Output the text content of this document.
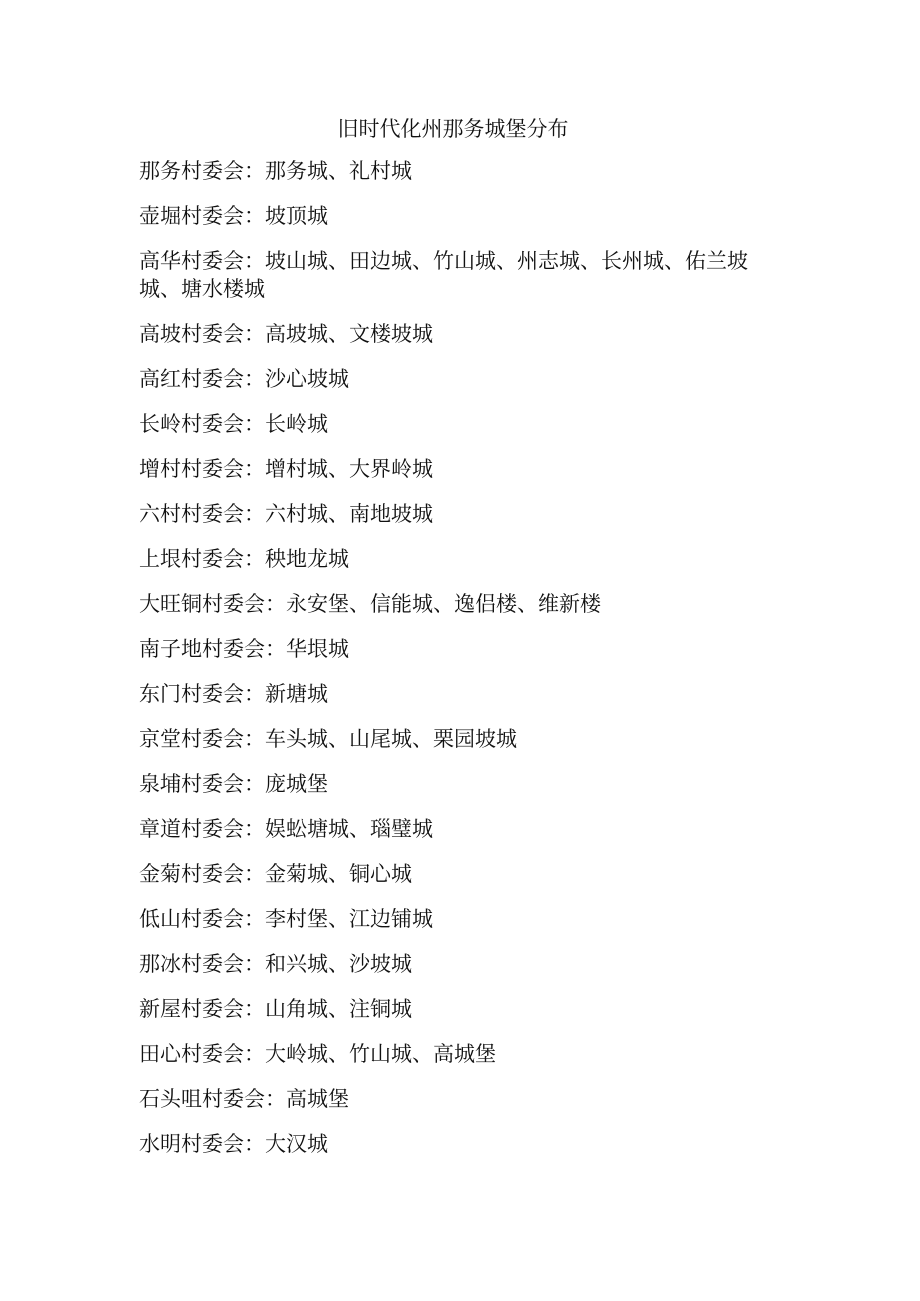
旧时代化州那务城堡分布

那务村委会：那务城、礼村城

壶堀村委会：坡顶城

高华村委会：坡山城、田边城、竹山城、州志城、长州城、佑兰坡城、塘水楼城

高坡村委会：高坡城、文楼坡城

高红村委会：沙心坡城

长岭村委会：长岭城

增村村委会：增村城、大界岭城

六村村委会：六村城、南地坡城

上垠村委会：秧地龙城

大旺铜村委会：永安堡、信能城、逸侣楼、维新楼

南子地村委会：华垠城

东门村委会：新塘城

京堂村委会：车头城、山尾城、栗园坡城

泉埔村委会：庞城堡

章道村委会：娱蚣塘城、瑙璧城

金菊村委会：金菊城、铜心城

低山村委会：李村堡、江边铺城

那冰村委会：和兴城、沙坡城

新屋村委会：山角城、注铜城

田心村委会：大岭城、竹山城、高城堡

石头咀村委会：高城堡

水明村委会：大汉城
